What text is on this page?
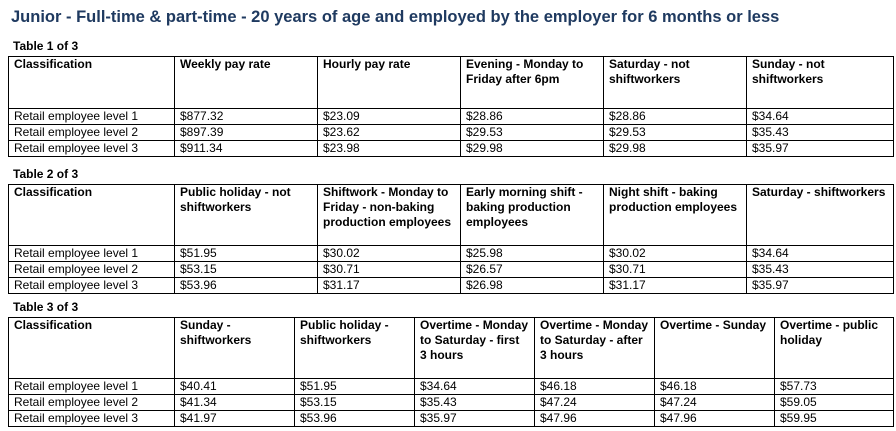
Junior - Full-time & part-time - 20 years of age and employed by the employer for 6 months or less
Table 1 of 3
Classification	Weekly pay rate	Hourly pay rate	Evening - Monday to Friday after 6pm	Saturday - not shiftworkers	Sunday - not shiftworkers
Retail employee level 1	$877.32	$23.09	$28.86	$28.86	$34.64
Retail employee level 2	$897.39	$23.62	$29.53	$29.53	$35.43
Retail employee level 3	$911.34	$23.98	$29.98	$29.98	$35.97
Table 2 of 3
Classification	Public holiday - not shiftworkers	Shiftwork - Monday to Friday - non-baking production employees	Early morning shift - baking production employees	Night shift - baking production employees	Saturday - shiftworkers
Retail employee level 1	$51.95	$30.02	$25.98	$30.02	$34.64
Retail employee level 2	$53.15	$30.71	$26.57	$30.71	$35.43
Retail employee level 3	$53.96	$31.17	$26.98	$31.17	$35.97
Table 3 of 3
Classification	Sunday - shiftworkers	Public holiday - shiftworkers	Overtime - Monday to Saturday - first 3 hours	Overtime - Monday to Saturday - after 3 hours	Overtime - Sunday	Overtime - public holiday
Retail employee level 1	$40.41	$51.95	$34.64	$46.18	$46.18	$57.73
Retail employee level 2	$41.34	$53.15	$35.43	$47.24	$47.24	$59.05
Retail employee level 3	$41.97	$53.96	$35.97	$47.96	$47.96	$59.95
